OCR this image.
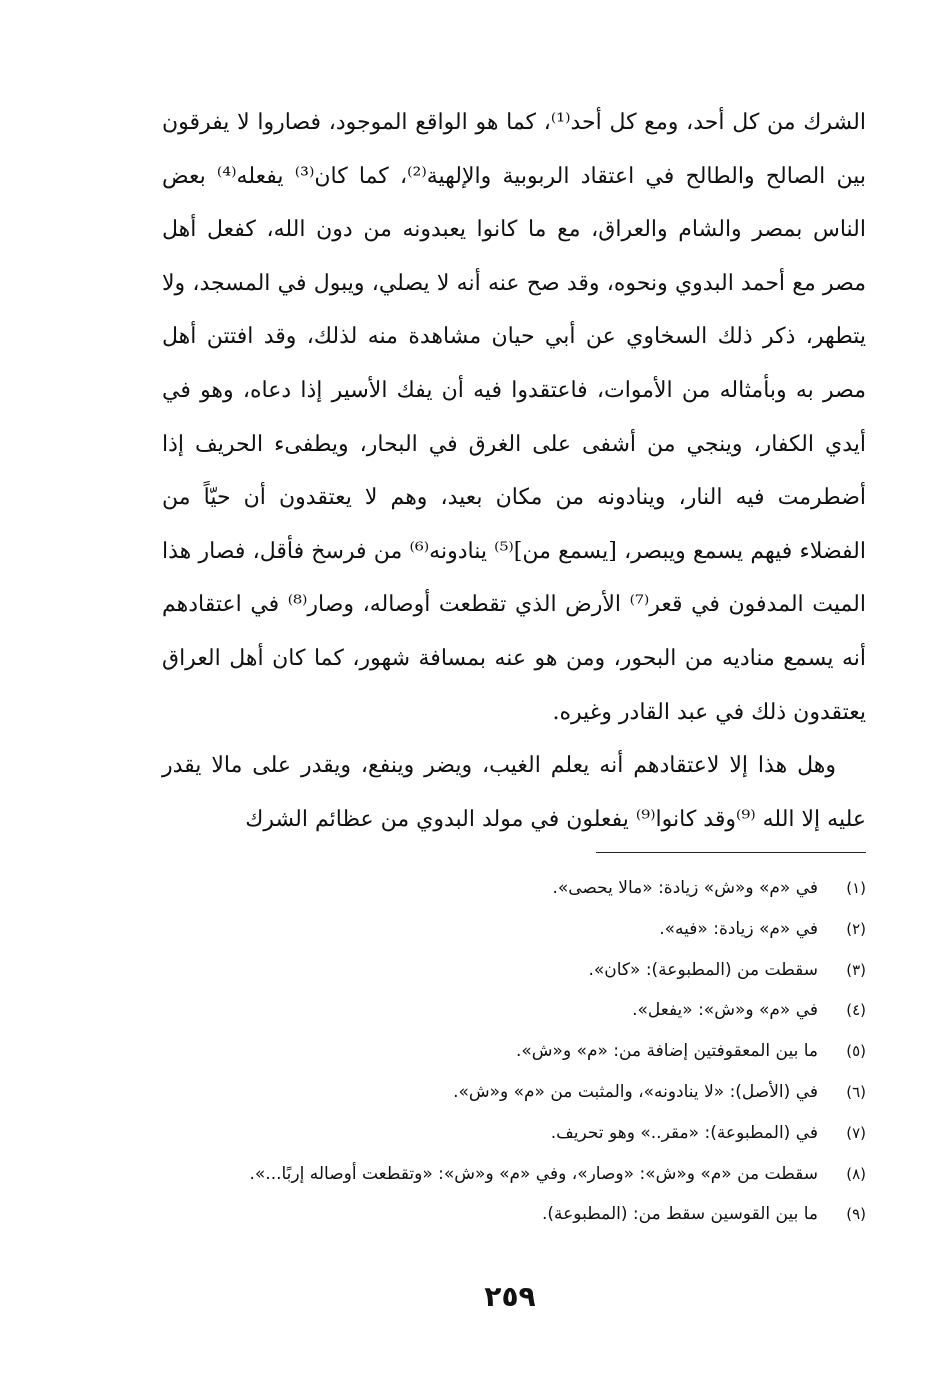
الشرك من كل أحد، ومع كل أحد⁽¹⁾، كما هو الواقع الموجود، فصاروا لا يفرقون بين الصالح والطالح في اعتقاد الربوبية والإلهية⁽²⁾، كما كان⁽³⁾ يفعله⁽⁴⁾ بعض الناس بمصر والشام والعراق، مع ما كانوا يعبدونه من دون الله، كفعل أهل مصر مع أحمد البدوي ونحوه، وقد صح عنه أنه لا يصلي، ويبول في المسجد، ولا يتطهر، ذكر ذلك السخاوي عن أبي حيان مشاهدة منه لذلك، وقد افتتن أهل مصر به وبأمثاله من الأموات، فاعتقدوا فيه أن يفك الأسير إذا دعاه، وهو في أيدي الكفار، وينجي من أشفى على الغرق في البحار، ويطفىء الحريف إذا أضطرمت فيه النار، وينادونه من مكان بعيد، وهم لا يعتقدون أن حيّاً من الفضلاء فيهم يسمع ويبصر، [يسمع من]⁽⁵⁾ ينادونه⁽⁶⁾ من فرسخ فأقل، فصار هذا الميت المدفون في قعر⁽⁷⁾ الأرض الذي تقطعت أوصاله، وصار⁽⁸⁾ في اعتقادهم أنه يسمع مناديه من البحور، ومن هو عنه بمسافة شهور، كما كان أهل العراق يعتقدون ذلك في عبد القادر وغيره.

وهل هذا إلا لاعتقادهم أنه يعلم الغيب، ويضر وينفع، ويقدر على مالا يقدر عليه إلا الله ⁽⁹⁾وقد كانوا⁽⁹⁾ يفعلون في مولد البدوي من عظائم الشرك

(١)
في «م» و«ش» زيادة: «مالا يحصى».
(٢)
في «م» زيادة: «فيه».
(٣)
سقطت من (المطبوعة): «كان».
(٤)
في «م» و«ش»: «يفعل».
(٥)
ما بين المعقوفتين إضافة من: «م» و«ش».
(٦)
في (الأصل): «لا ينادونه»، والمثبت من «م» و«ش».
(٧)
في (المطبوعة): «مقر..» وهو تحريف.
(٨)
سقطت من «م» و«ش»: «وصار»، وفي «م» و«ش»: «وتقطعت أوصاله إربًا...».
(٩)
ما بين القوسين سقط من: (المطبوعة).
٢٥٩
